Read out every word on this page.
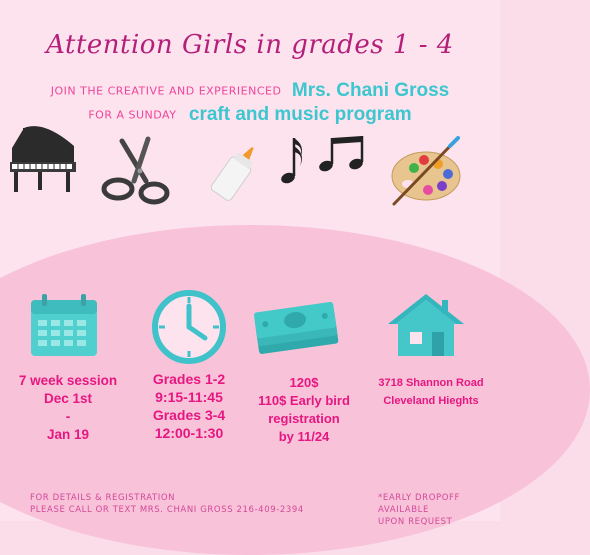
Attention Girls in grades 1 - 4
JOIN THE CREATIVE AND EXPERIENCED Mrs. Chani Gross
FOR A SUNDAY craft and music program
7 week session
Dec 1st
-
Jan 19
Grades 1-2
9:15-11:45
Grades 3-4
12:00-1:30
120$
110$ Early bird
registration
by 11/24
3718 Shannon Road
Cleveland Hieghts
FOR DETAILS & REGISTRATION
PLEASE CALL OR TEXT MRS. CHANI GROSS 216-409-2394
*EARLY DROPOFF AVAILABLE
UPON REQUEST
